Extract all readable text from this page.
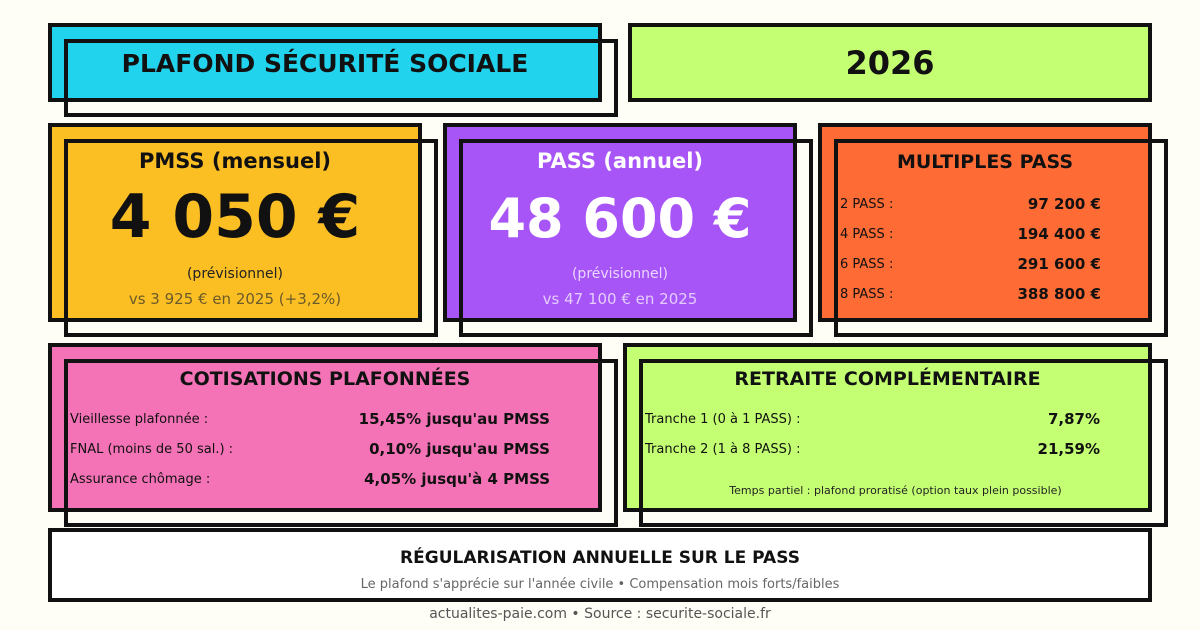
PLAFOND SÉCURITÉ SOCIALE	2026
PMSS (mensuel)
4 050 €
(prévisionnel)
vs 3 925 € en 2025 (+3,2%)
PASS (annuel)
48 600 €
(prévisionnel)
vs 47 100 € en 2025
MULTIPLES PASS
2 PASS :	97 200 €
4 PASS :	194 400 €
6 PASS :	291 600 €
8 PASS :	388 800 €
COTISATIONS PLAFONNÉES
Vieillesse plafonnée :	15,45% jusqu'au PMSS
FNAL (moins de 50 sal.) :	0,10% jusqu'au PMSS
Assurance chômage :	4,05% jusqu'à 4 PMSS
RETRAITE COMPLÉMENTAIRE
Tranche 1 (0 à 1 PASS) :	7,87%
Tranche 2 (1 à 8 PASS) :	21,59%
Temps partiel : plafond proratisé (option taux plein possible)
RÉGULARISATION ANNUELLE SUR LE PASS
Le plafond s'apprécie sur l'année civile • Compensation mois forts/faibles
actualites-paie.com • Source : securite-sociale.fr
